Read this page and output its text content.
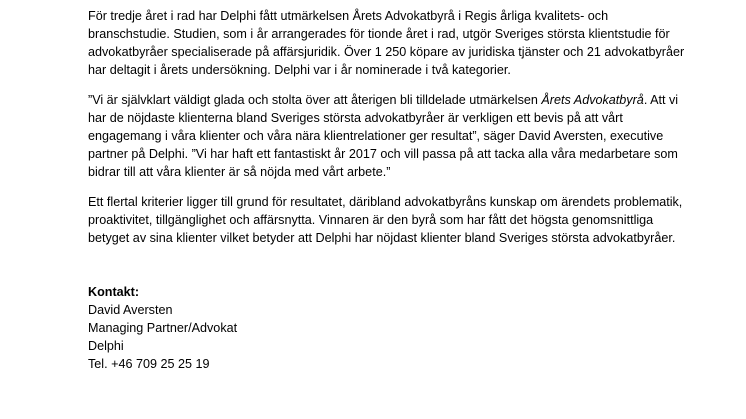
För tredje året i rad har Delphi fått utmärkelsen Årets Advokatbyrå i Regis årliga kvalitets- och branschstudie. Studien, som i år arrangerades för tionde året i rad, utgör Sveriges största klientstudie för advokatbyråer specialiserade på affärsjuridik. Över 1 250 köpare av juridiska tjänster och 21 advokatbyråer har deltagit i årets undersökning. Delphi var i år nominerade i två kategorier.

”Vi är självklart väldigt glada och stolta över att återigen bli tilldelade utmärkelsen Årets Advokatbyrå. Att vi har de nöjdaste klienterna bland Sveriges största advokatbyråer är verkligen ett bevis på att vårt engagemang i våra klienter och våra nära klientrelationer ger resultat”, säger David Aversten, executive partner på Delphi. ”Vi har haft ett fantastiskt år 2017 och vill passa på att tacka alla våra medarbetare som bidrar till att våra klienter är så nöjda med vårt arbete.”

Ett flertal kriterier ligger till grund för resultatet, däribland advokatbyråns kunskap om ärendets problematik, proaktivitet, tillgänglighet och affärsnytta. Vinnaren är den byrå som har fått det högsta genomsnittliga betyget av sina klienter vilket betyder att Delphi har nöjdast klienter bland Sveriges största advokatbyråer.

Kontakt:
David Aversten
Managing Partner/Advokat
Delphi
Tel. +46 709 25 25 19
